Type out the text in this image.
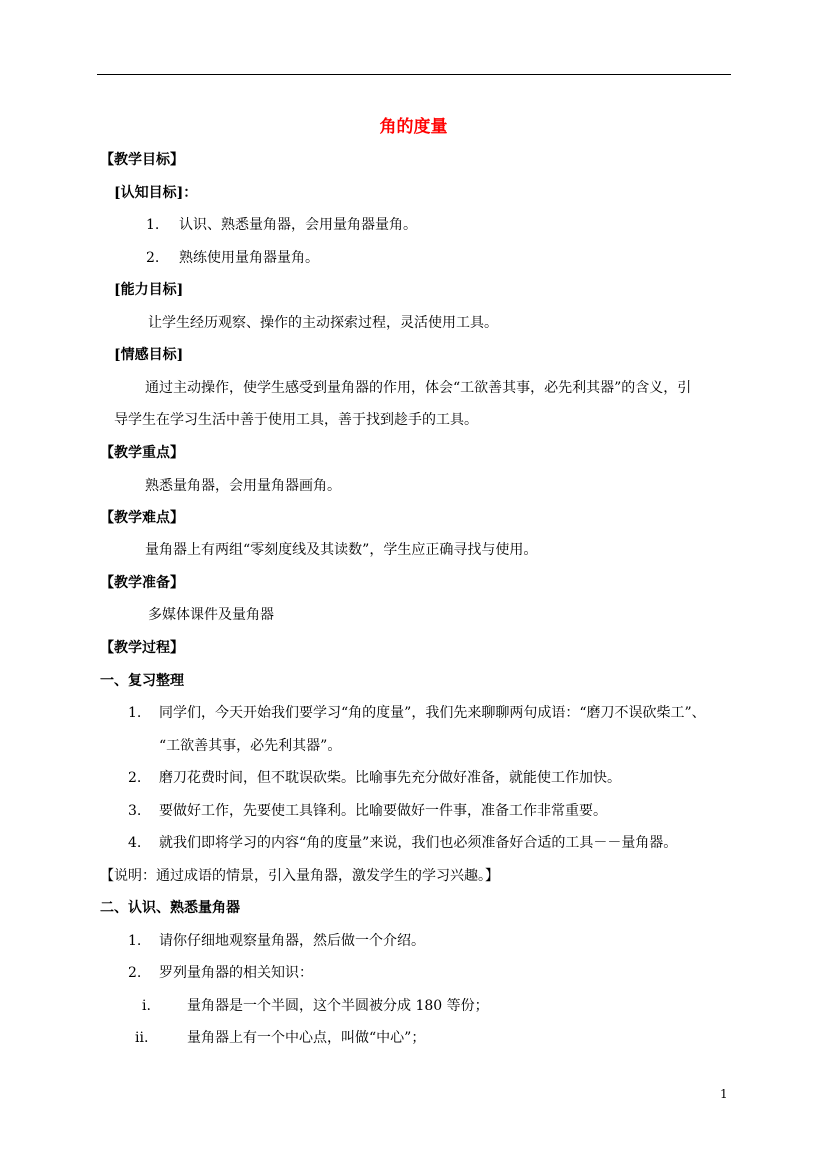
角的度量
【教学目标】
[认知目标]：
1. 认识、熟悉量角器，会用量角器量角。
2. 熟练使用量角器量角。
[能力目标]
让学生经历观察、操作的主动探索过程，灵活使用工具。
[情感目标]
通过主动操作，使学生感受到量角器的作用，体会“工欲善其事，必先利其器”的含义，引
导学生在学习生活中善于使用工具，善于找到趁手的工具。
【教学重点】
熟悉量角器，会用量角器画角。
【教学难点】
量角器上有两组“零刻度线及其读数”，学生应正确寻找与使用。
【教学准备】
多媒体课件及量角器
【教学过程】
一、复习整理
1. 同学们，今天开始我们要学习“角的度量”，我们先来聊聊两句成语：“磨刀不误砍柴工”、
“工欲善其事，必先利其器”。
2. 磨刀花费时间，但不耽误砍柴。比喻事先充分做好准备，就能使工作加快。
3. 要做好工作，先要使工具锋利。比喻要做好一件事，准备工作非常重要。
4. 就我们即将学习的内容“角的度量”来说，我们也必须准备好合适的工具－－量角器。
【说明：通过成语的情景，引入量角器，激发学生的学习兴趣。】
二、认识、熟悉量角器
1. 请你仔细地观察量角器，然后做一个介绍。
2. 罗列量角器的相关知识：
i.	量角器是一个半圆，这个半圆被分成 180 等份；
ii.	量角器上有一个中心点，叫做“中心”；
1
